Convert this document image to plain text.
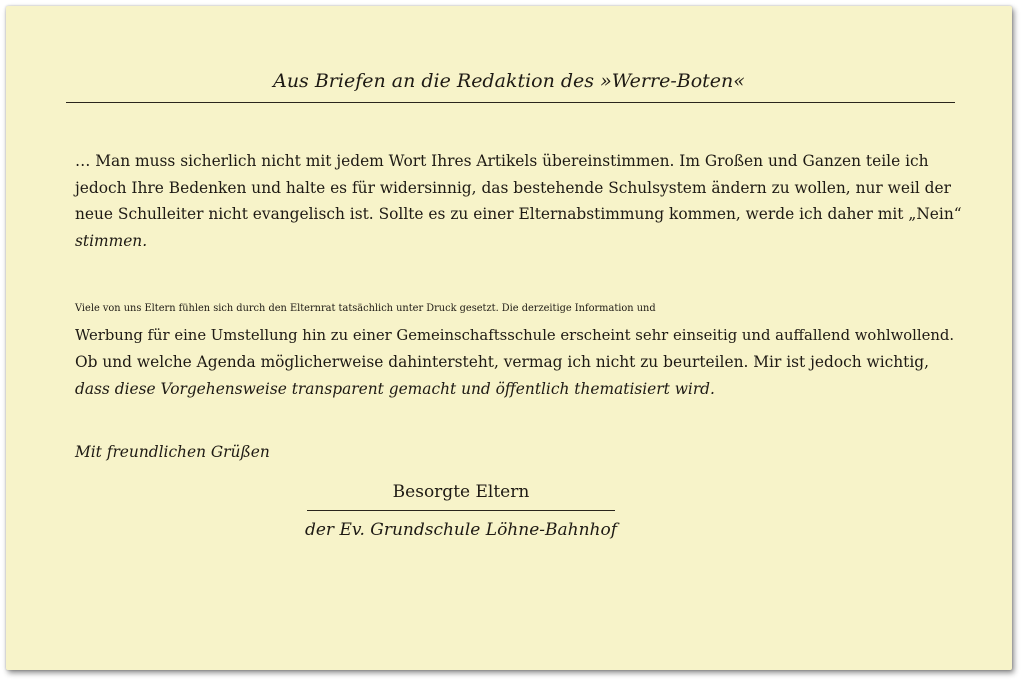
Aus Briefen an die Redaktion des »Werre-Boten«
… Man muss sicherlich nicht mit jedem Wort Ihres Artikels übereinstimmen. Im Großen und Ganzen teile ich
jedoch Ihre Bedenken und halte es für widersinnig, das bestehende Schulsystem ändern zu wollen, nur weil der
neue Schulleiter nicht evangelisch ist. Sollte es zu einer Elternabstimmung kommen, werde ich daher mit „Nein“
stimmen.
Viele von uns Eltern fühlen sich durch den Elternrat tatsächlich unter Druck gesetzt. Die derzeitige Information und
Werbung für eine Umstellung hin zu einer Gemeinschaftsschule erscheint sehr einseitig und auffallend wohlwollend.
Ob und welche Agenda möglicherweise dahintersteht, vermag ich nicht zu beurteilen. Mir ist jedoch wichtig,
dass diese Vorgehensweise transparent gemacht und öffentlich thematisiert wird.
Mit freundlichen Grüßen
Besorgte Eltern
der Ev. Grundschule Löhne-Bahnhof
